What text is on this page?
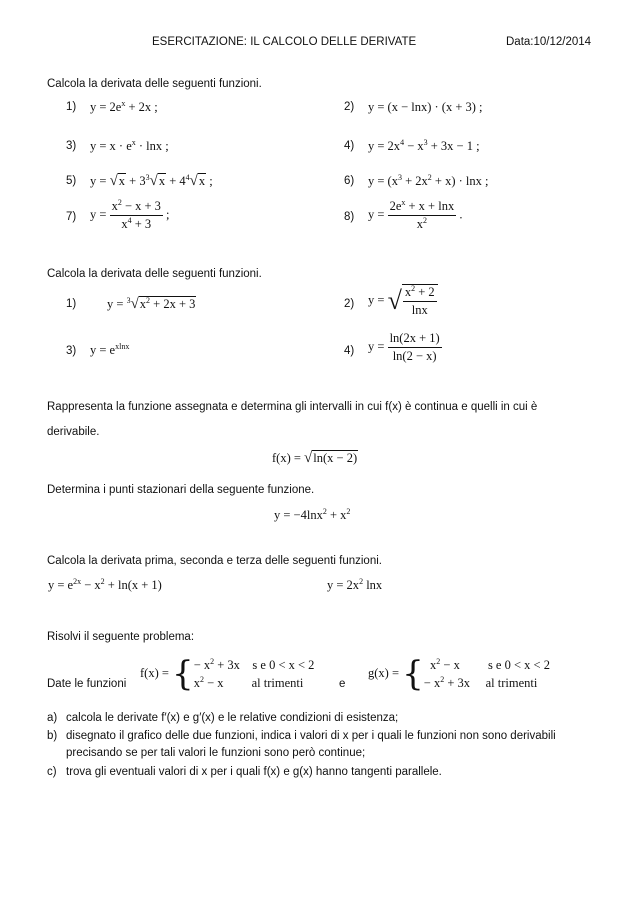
ESERCITAZIONE: IL CALCOLO DELLE DERIVATE	Data:10/12/2014
Calcola la derivata delle seguenti funzioni.
1) $y = 2e^x + 2x$ ;	2) y = (x − lnx) · (x + 3) ;
3) $y = x \cdot e^x \cdot \ln x$ ;	4) $y = 2x^4 - x^3 + 3x - 1$ ;
5) $y = √x + 3^3√x + 4^4√x$ ;	6) $y = (x^3 + 2x^2 + x) \cdot \ln x$ ;
7) $y = \frac{x^2 - x + 3}{x^4 + 3}$ ;	8) $y = \frac{2e^x + x + \ln x}{x^2}$ .
Calcola la derivata delle seguenti funzioni.
1) $y = ^3√x^2 + 2x + 3$	2) y = √ $\frac{x^2 + 2}{\ln x}$
3) $y = e^{xlnx}$	4) $y = \frac{\ln(2x + 1)}{\ln(2 - x)}$
Rappresenta la funzione assegnata e determina gli intervalli in cui f(x) è continua e quelli in cui è
derivabile.
f(x) = √ln(x − 2)
Determina i punti stazionari della seguente funzione.
$y = -4\ln x^2 + x^2$
Calcola la derivata prima, seconda e terza delle seguenti funzioni.
$y = e^{2x} - x^2 + \ln(x + 1)$	$y = 2x^2$ lnx
Risolvi il seguente problema:
Date le funzioni
f(x) = { − $x^2 + 3x$    s e 0 < x < 2
$x^2 - x$         al trimenti	e
g(x) = { $x^2 - x$         s e 0 < x < 2
− $x^2 + 3x$     al trimenti
a) calcola le derivate f′(x) e g′(x) e le relative condizioni di esistenza;
b) disegnato il grafico delle due funzioni, indica i valori di x per i quali le funzioni non sono derivabili
precisando se per tali valori le funzioni sono però continue;
c) trova gli eventuali valori di x per i quali f(x) e g(x) hanno tangenti parallele.
